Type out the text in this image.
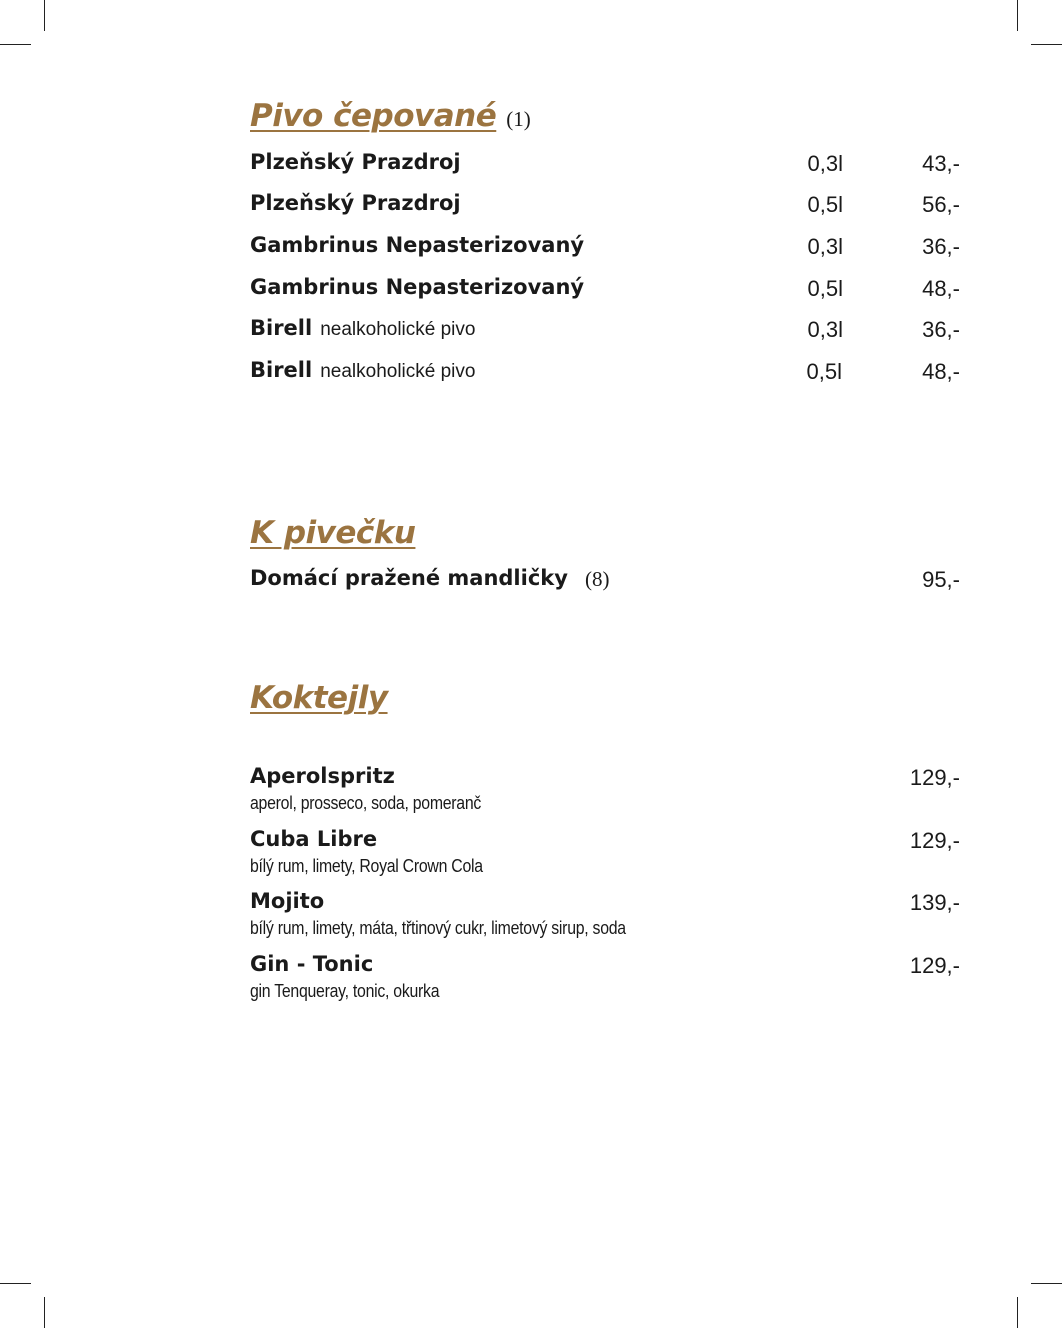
Pivo čepované (1)
Plzeňský Prazdroj	0,3l	43,-
Plzeňský Prazdroj	0,5l	56,-
Gambrinus Nepasterizovaný	0,3l	36,-
Gambrinus Nepasterizovaný	0,5l	48,-
Birell nealkoholické pivo	0,3l	36,-
Birell nealkoholické pivo	0,5l	48,-
K pivečku
Domácí pražené mandličky (8)	95,-
Koktejly
Aperolspritz	129,-
aperol, prosseco, soda, pomeranč
Cuba Libre	129,-
bílý rum, limety, Royal Crown Cola
Mojito	139,-
bílý rum, limety, máta, třtinový cukr, limetový sirup, soda
Gin - Tonic	129,-
gin Tenqueray, tonic, okurka
